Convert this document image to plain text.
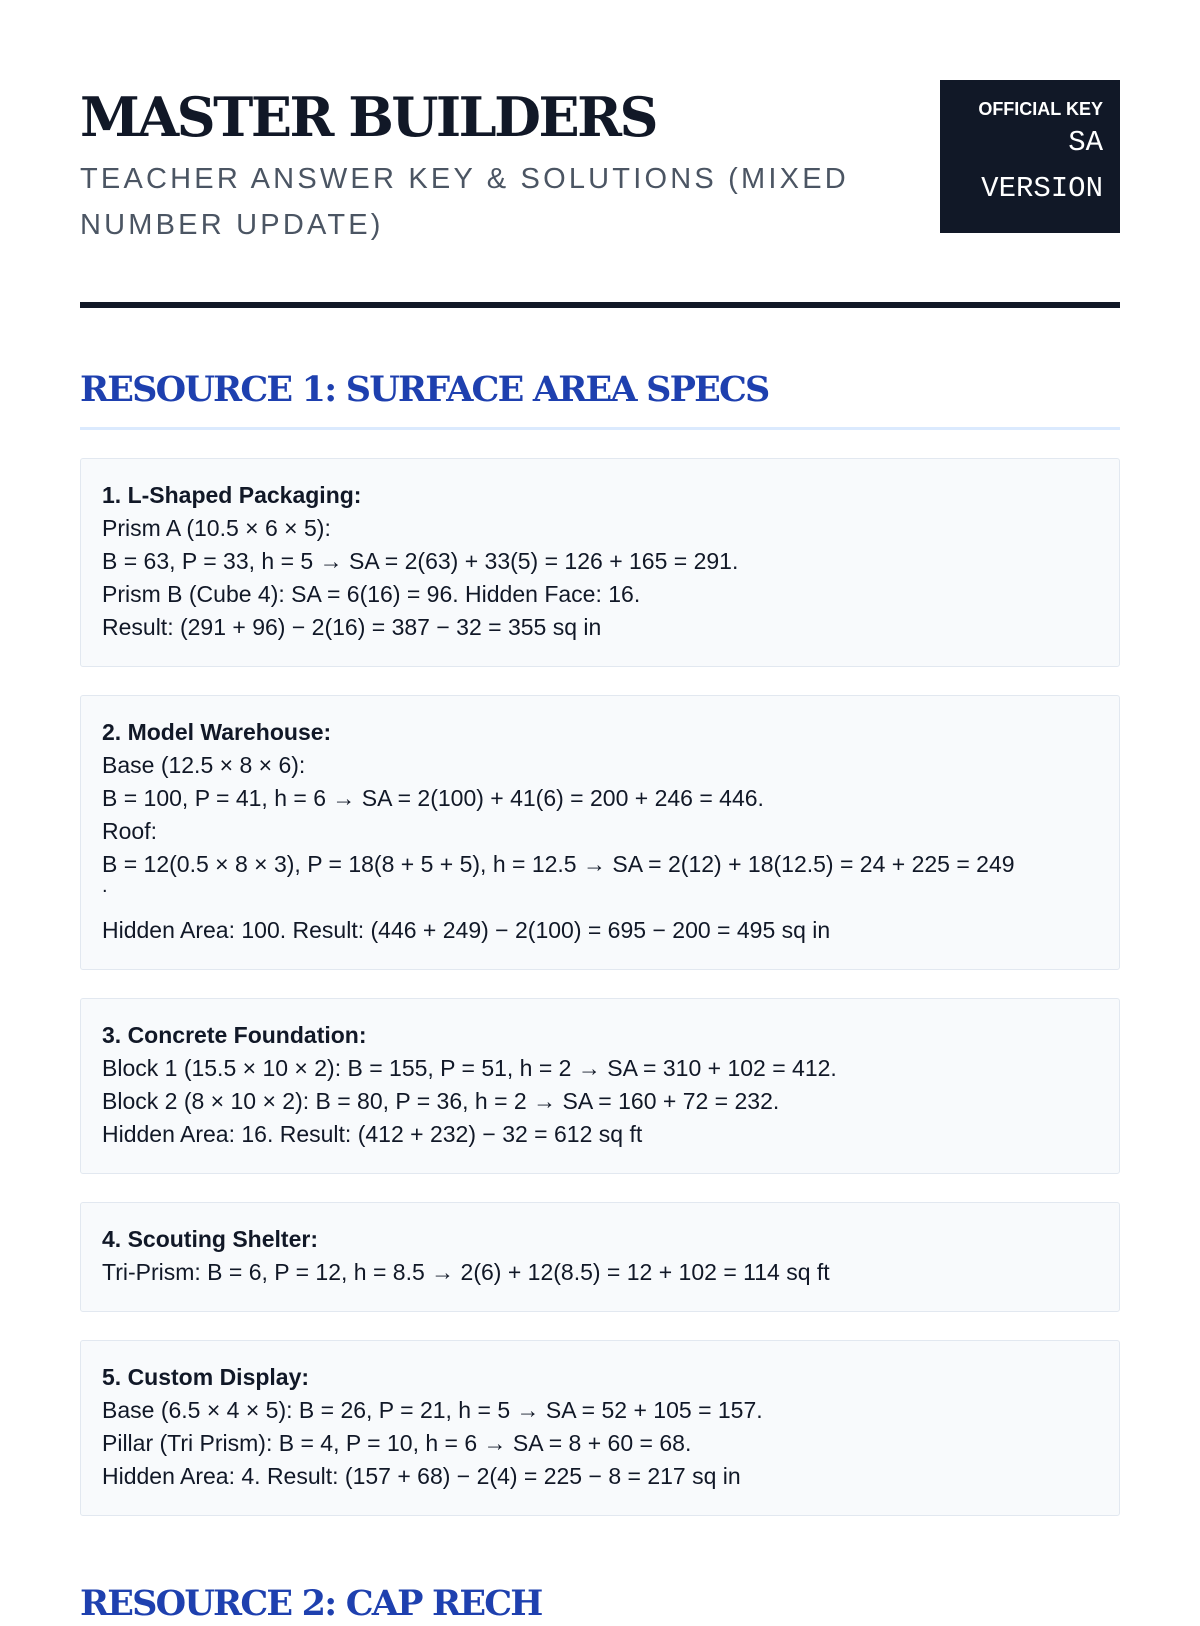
MASTER BUILDERS
TEACHER ANSWER KEY & SOLUTIONS (MIXED NUMBER UPDATE)
OFFICIAL KEY
SA VERSION
RESOURCE 1: SURFACE AREA SPECS
1. L-Shaped Packaging:
Prism A (10.5 × 6 × 5):
B = 63, P = 33, h = 5 → SA = 2(63) + 33(5) = 126 + 165 = 291.
Prism B (Cube 4): SA = 6(16) = 96. Hidden Face: 16.
Result: (291 + 96) − 2(16) = 387 − 32 = 355 sq in
2. Model Warehouse:
Base (12.5 × 8 × 6):
B = 100, P = 41, h = 6 → SA = 2(100) + 41(6) = 200 + 246 = 446.
Roof:
B = 12(0.5 × 8 × 3), P = 18(8 + 5 + 5), h = 12.5 → SA = 2(12) + 18(12.5) = 24 + 225 = 249
.
Hidden Area: 100. Result: (446 + 249) − 2(100) = 695 − 200 = 495 sq in
3. Concrete Foundation:
Block 1 (15.5 × 10 × 2): B = 155, P = 51, h = 2 → SA = 310 + 102 = 412.
Block 2 (8 × 10 × 2): B = 80, P = 36, h = 2 → SA = 160 + 72 = 232.
Hidden Area: 16. Result: (412 + 232) − 32 = 612 sq ft
4. Scouting Shelter:
Tri-Prism: B = 6, P = 12, h = 8.5 → 2(6) + 12(8.5) = 12 + 102 = 114 sq ft
5. Custom Display:
Base (6.5 × 4 × 5): B = 26, P = 21, h = 5 → SA = 52 + 105 = 157.
Pillar (Tri Prism): B = 4, P = 10, h = 6 → SA = 8 + 60 = 68.
Hidden Area: 4. Result: (157 + 68) − 2(4) = 225 − 8 = 217 sq in
RESOURCE 2: CAP RECH
